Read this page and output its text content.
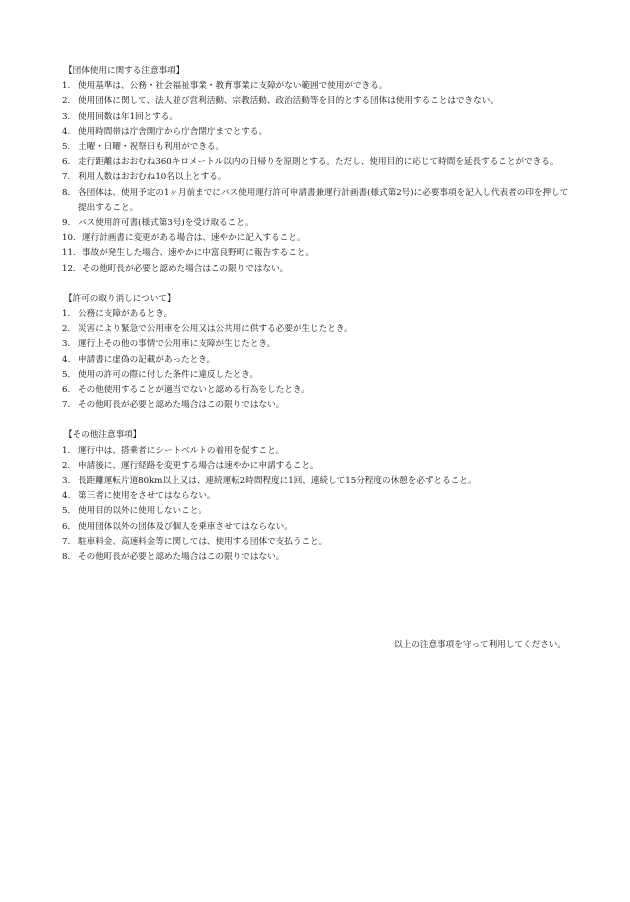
【団体使用に関する注意事項】
1. 使用基準は、公務・社会福祉事業・教育事業に支障がない範囲で使用ができる。
2. 使用団体に関して、法人並び営利活動、宗教活動、政治活動等を目的とする団体は使用することはできない。
3. 使用回数は年1回とする。
4. 使用時間帯は庁舎開庁から庁舎閉庁までとする。
5. 土曜・日曜・祝祭日も利用ができる。
6. 走行距離はおおむね360キロメートル以内の日帰りを原則とする。ただし、使用目的に応じて時間を延長することができる。
7. 利用人数はおおむね10名以上とする。
8. 各団体は、使用予定の1ヶ月前までにバス使用運行許可申請書兼運行計画書(様式第2号)に必要事項を記入し代表者の印を押して提出すること。
9. バス使用許可書(様式第3号)を受け取ること。
10. 運行計画書に変更がある場合は、速やかに記入すること。
11. 事故が発生した場合、速やかに中富良野町に報告すること。
12. その他町長が必要と認めた場合はこの限りではない。
【許可の取り消しについて】
1. 公務に支障があるとき。
2. 災害により緊急で公用車を公用又は公共用に供する必要が生じたとき。
3. 運行上その他の事情で公用車に支障が生じたとき。
4. 申請書に虚偽の記載があったとき。
5. 使用の許可の際に付した条件に違反したとき。
6. その他使用することが適当でないと認める行為をしたとき。
7. その他町長が必要と認めた場合はこの限りではない。
【その他注意事項】
1. 運行中は、搭乗者にシートベルトの着用を促すこと。
2. 申請後に、運行経路を変更する場合は速やかに申請すること。
3. 長距離運転片道80km以上又は、連続運転2時間程度に1回、連続して15分程度の休憩を必ずとること。
4. 第三者に使用をさせてはならない。
5. 使用目的以外に使用しないこと。
6. 使用団体以外の団体及び個人を乗車させてはならない。
7. 駐車料金、高速料金等に関しては、使用する団体で支払うこと。
8. その他町長が必要と認めた場合はこの限りではない。
以上の注意事項を守って利用してください。
